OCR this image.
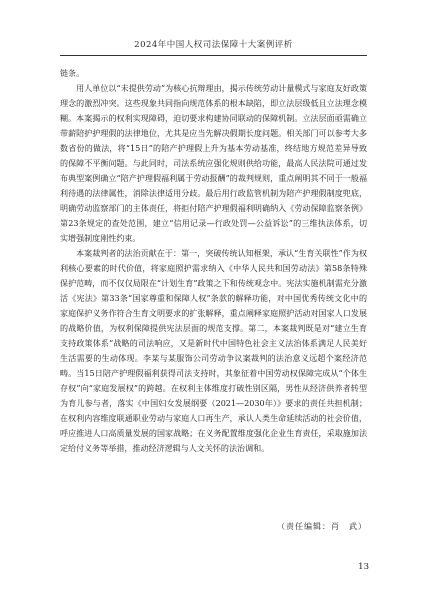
2024年中国人权司法保障十大案例评析

链条。

用人单位以“未提供劳动”为核心抗辩理由，揭示传统劳动计量模式与家庭友好政策理念的激烈冲突。这些现象共同指向规范体系的根本缺陷，即立法层级低且立法理念模糊。本案揭示的权利实现障碍，迫切要求构建协同联动的保障机制。立法层面亟需确立带薪陪护护理假的法律地位，尤其是应当先解决假期长度问题。相关部门可以参考大多数省份的做法，将“15日”的陪产护理假上升为基本劳动基准，终结地方规范差异导致的保障不平衡问题。与此同时，司法系统应强化规则供给功能，最高人民法院可通过发布典型案例确立“陪产护理假福利属于劳动报酬”的裁判规则，重点阐明其不同于一般福利待遇的法律属性，消除法律适用分歧。最后用行政监管机制为陪产护理假制度兜底，明确劳动监察部门的主体责任，将拒付陪产护理假福利明确纳入《劳动保障监察条例》第23条规定的查处范围，建立“信用记录—行政处罚—公益诉讼”的三维执法体系，切实增强制度刚性约束。

本案裁判者的法治贡献在于：第一，突破传统认知框架，承认“生育关联性”作为权利核心要素的时代价值，将家庭照护需求纳入《中华人民共和国劳动法》第58条特殊保护范畴，而不仅仅局限在“计划生育”政策之下和传统观念中。宪法实施机制需充分激活《宪法》第33条“国家尊重和保障人权”条款的解释功能，对中国优秀传统文化中的家庭保护义务作符合生育文明要求的扩张解释，重点阐释家庭照护活动对国家人口发展的战略价值，为权利保障提供宪法层面的规范支撑。第二，本案裁判既是对“建立生育支持政策体系”战略的司法响应，又是新时代中国特色社会主义法治体系满足人民美好生活需要的生动体现。李某与某服饰公司劳动争议案裁判的法治意义远超个案经济范畴。当15日陪产护理假福利获得司法支持时，其象征着中国劳动权保障完成从“个体生存权”向“家庭发展权”的跨越。在权利主体维度打破性别区隔，男性从经济供养者转型为育儿参与者，落实《中国妇女发展纲要（2021—2030年）》要求的责任共担机制；在权利内容维度联通职业劳动与家庭人口再生产，承认人类生命延续活动的社会价值，呼应推进人口高质量发展的国家战略；在义务配置维度强化企业生育责任，采取施加法定给付义务等举措，推动经济逻辑与人文关怀的法治调和。

（责任编辑：肖　武）
13
